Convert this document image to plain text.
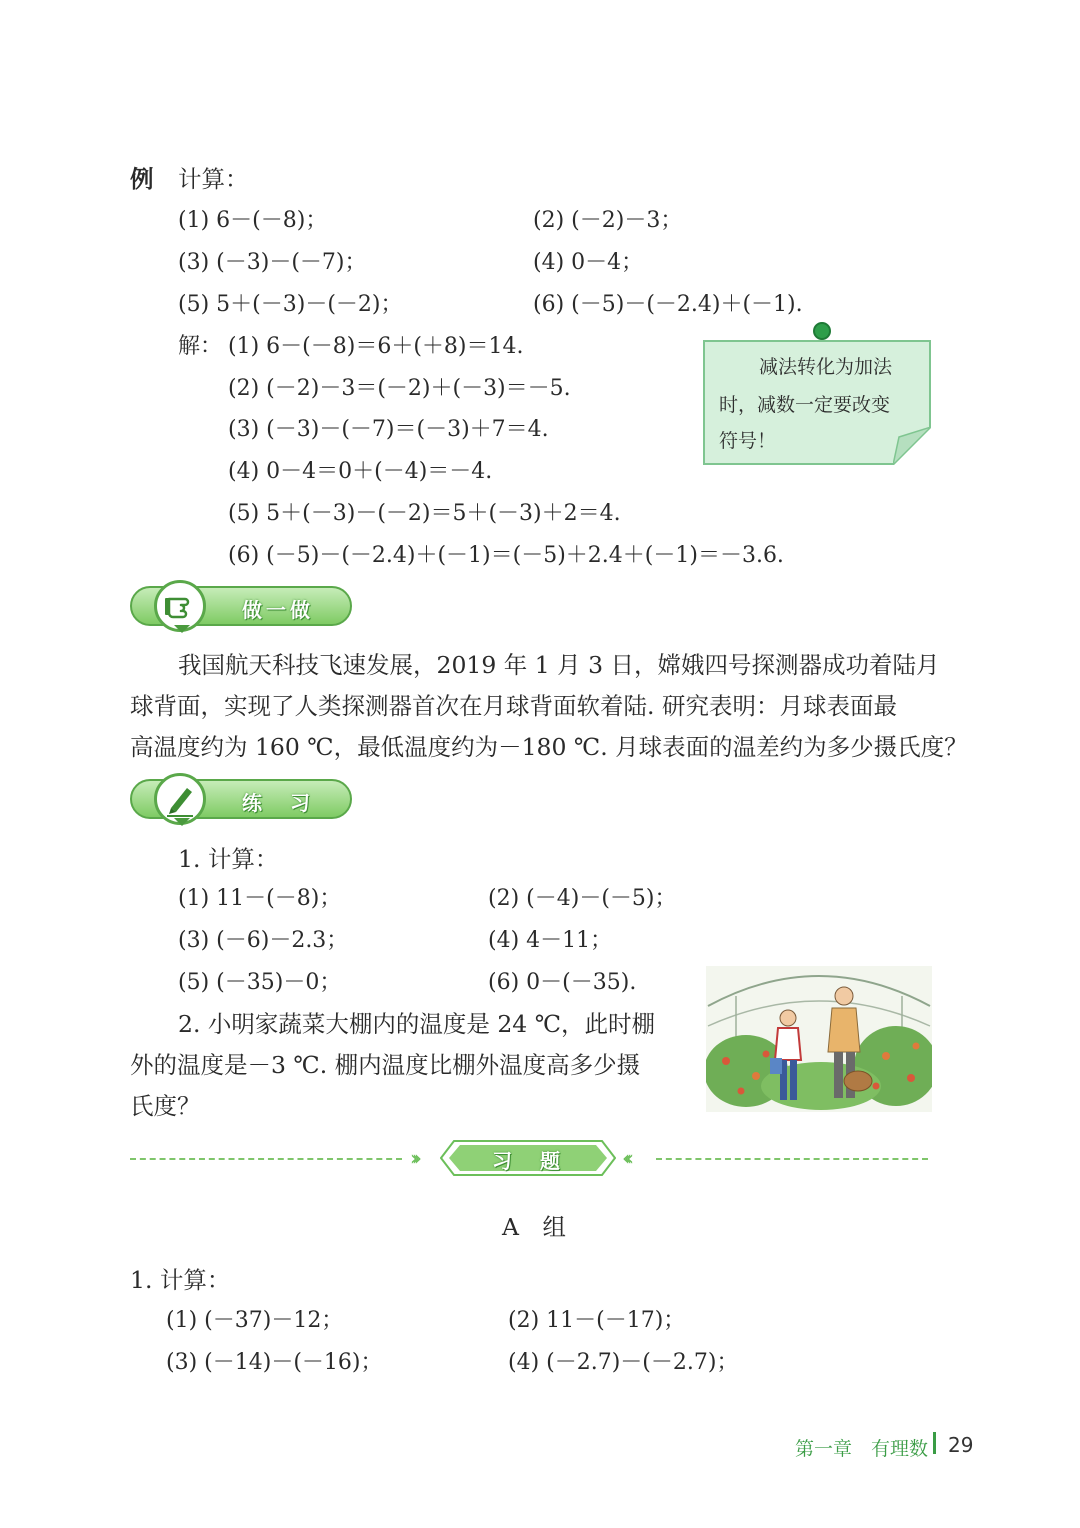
例 计算：
(1) 6－(－8)；	(2) (－2)－3；
(3) (－3)－(－7)；	(4) 0－4；
(5) 5＋(－3)－(－2)；	(6) (－5)－(－2.4)＋(－1).
解： (1) 6－(－8)＝6＋(＋8)＝14.
(2) (－2)－3＝(－2)＋(－3)＝－5.
(3) (－3)－(－7)＝(－3)＋7＝4.
(4) 0－4＝0＋(－4)＝－4.
(5) 5＋(－3)－(－2)＝5＋(－3)＋2＝4.
(6) (－5)－(－2.4)＋(－1)＝(－5)＋2.4＋(－1)＝－3.6.
减法转化为加法
时，减数一定要改变
符号！
做一做
我国航天科技飞速发展，2019 年 1 月 3 日，嫦娥四号探测器成功着陆月
球背面，实现了人类探测器首次在月球背面软着陆. 研究表明：月球表面最
高温度约为 160 ℃，最低温度约为－180 ℃. 月球表面的温差约为多少摄氏度？
练　习
1. 计算：
(1) 11－(－8)；	(2) (－4)－(－5)；
(3) (－6)－2.3；	(4) 4－11；
(5) (－35)－0；	(6) 0－(－35).
2. 小明家蔬菜大棚内的温度是 24 ℃，此时棚
外的温度是－3 ℃. 棚内温度比棚外温度高多少摄
氏度？
›››	习　题	‹‹‹
A　组
1. 计算：
(1) (－37)－12；	(2) 11－(－17)；
(3) (－14)－(－16)；	(4) (－2.7)－(－2.7)；
第一章　有理数 29
